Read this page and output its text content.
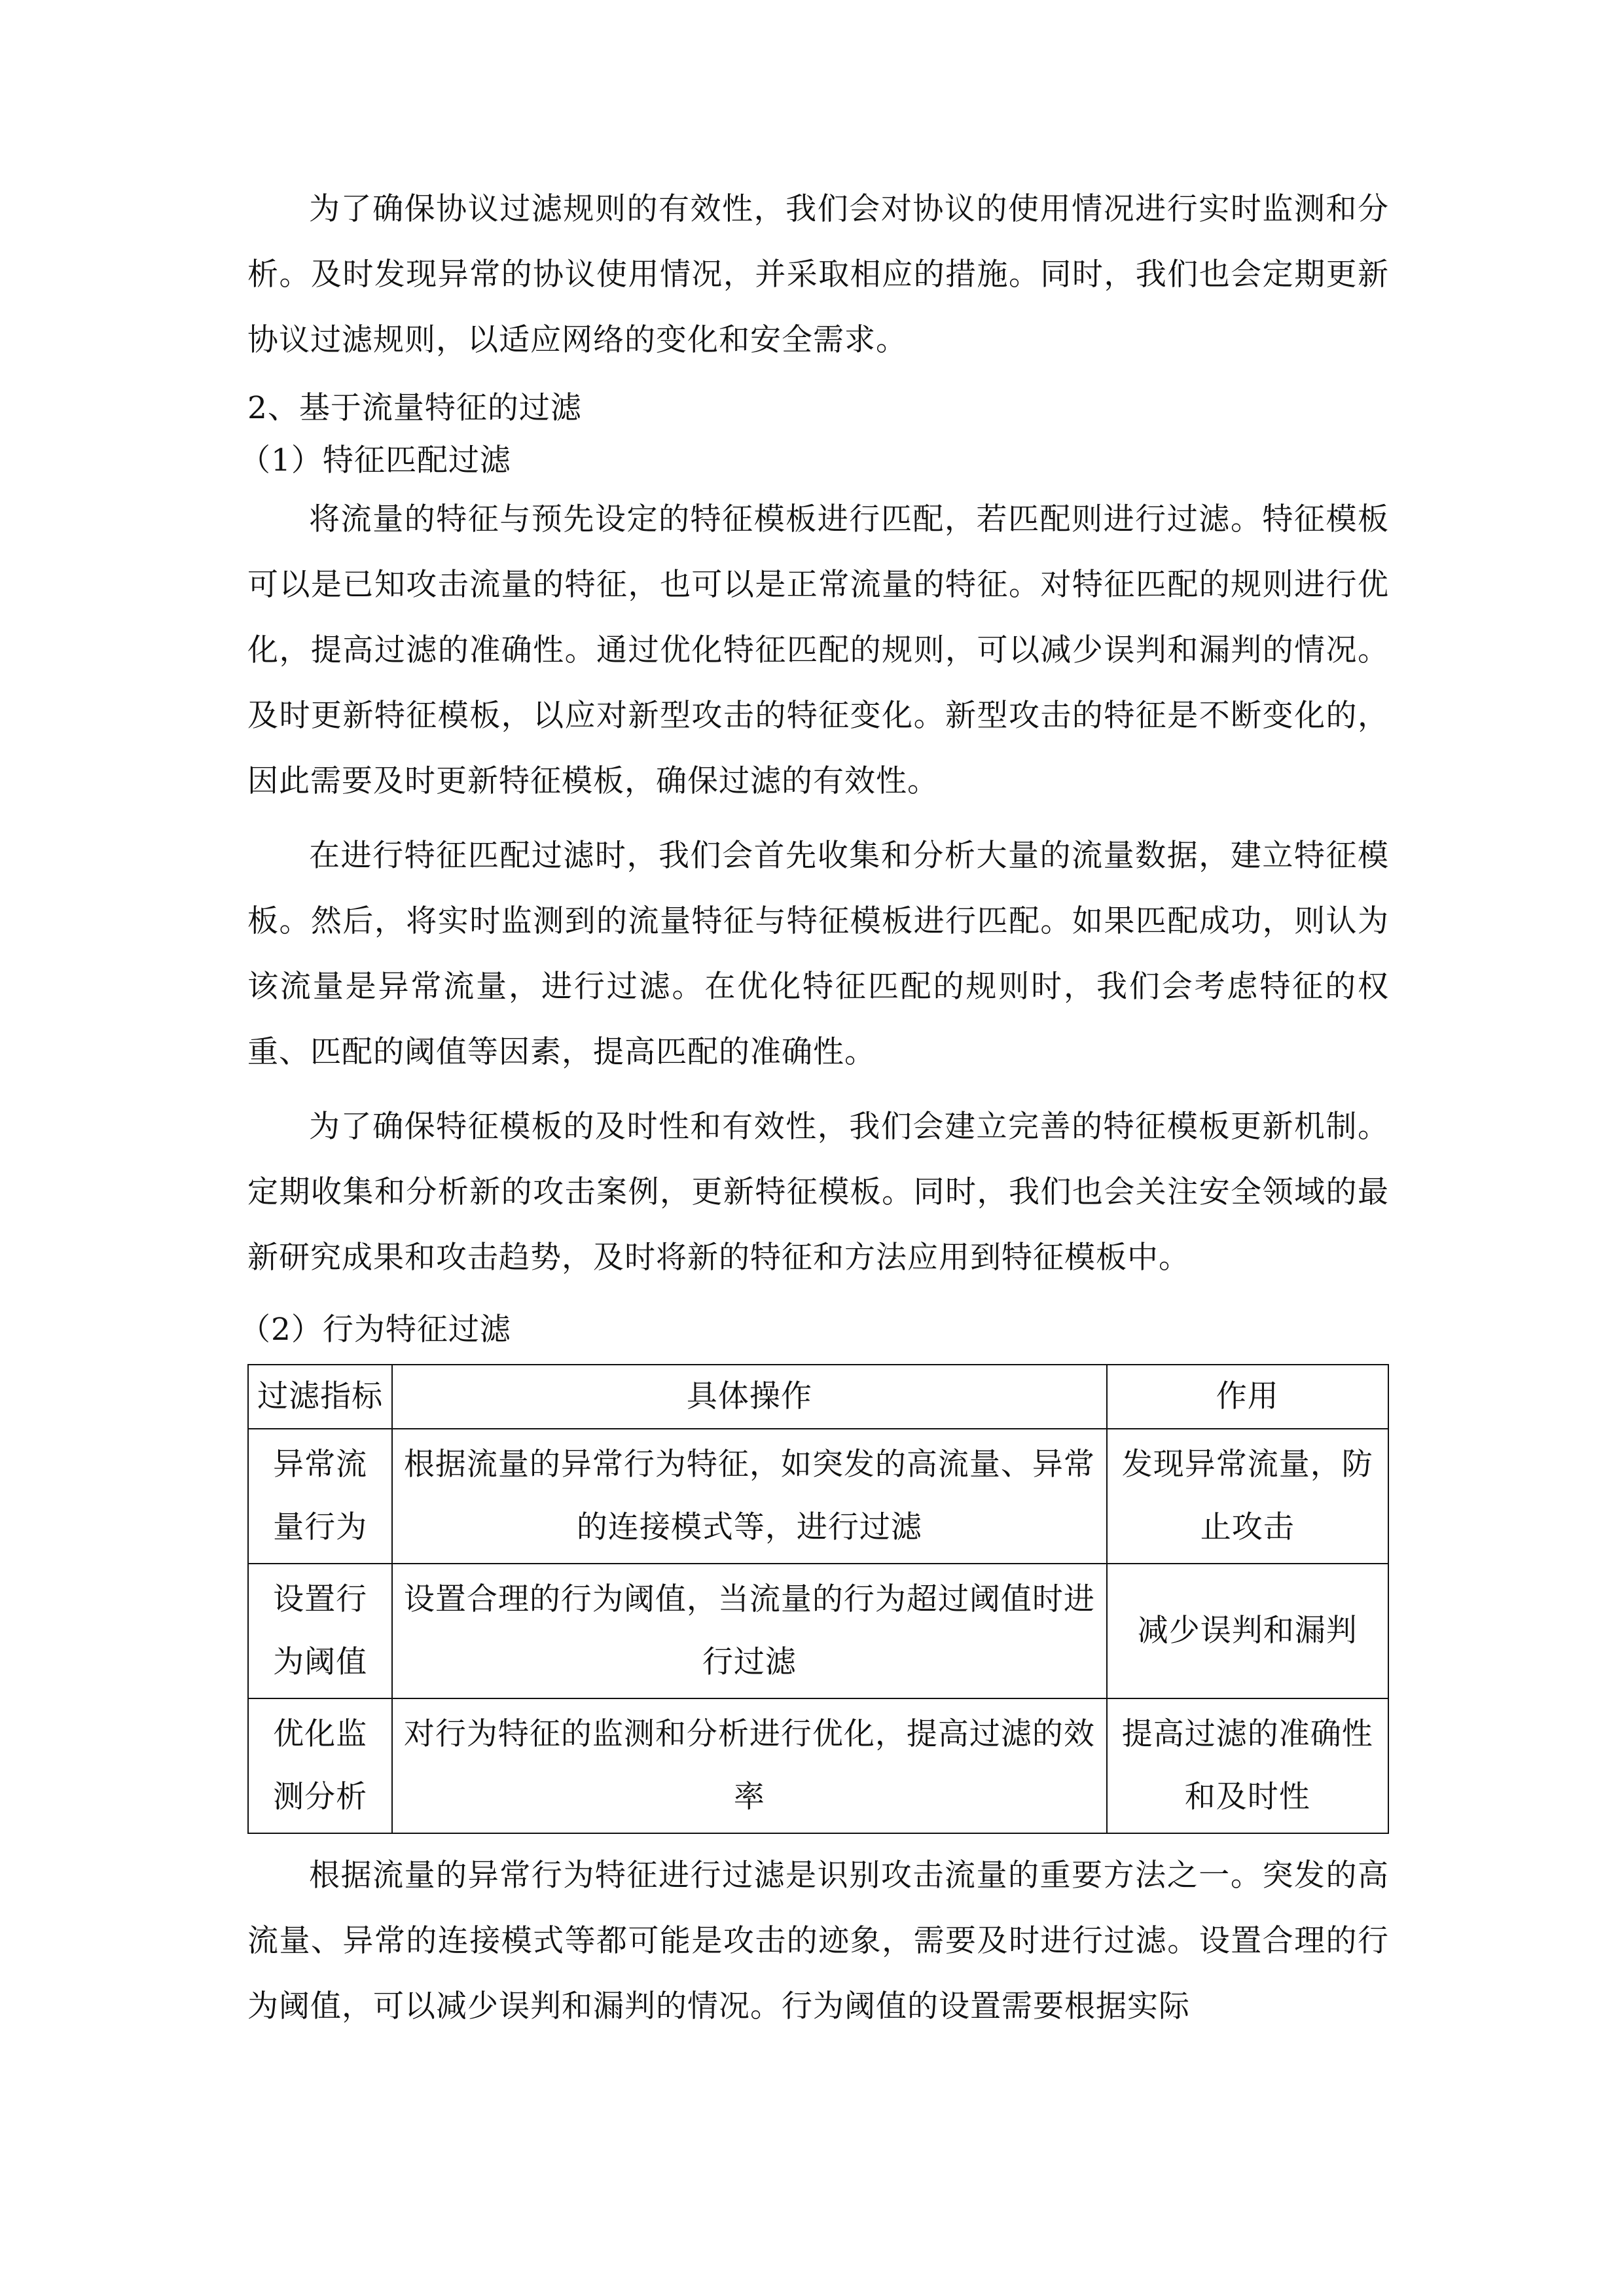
为了确保协议过滤规则的有效性，我们会对协议的使用情况进行实时监测和分析。及时发现异常的协议使用情况，并采取相应的措施。同时，我们也会定期更新协议过滤规则，以适应网络的变化和安全需求。

2、基于流量特征的过滤

（1）特征匹配过滤

将流量的特征与预先设定的特征模板进行匹配，若匹配则进行过滤。特征模板可以是已知攻击流量的特征，也可以是正常流量的特征。对特征匹配的规则进行优化，提高过滤的准确性。通过优化特征匹配的规则，可以减少误判和漏判的情况。及时更新特征模板，以应对新型攻击的特征变化。新型攻击的特征是不断变化的，因此需要及时更新特征模板，确保过滤的有效性。

在进行特征匹配过滤时，我们会首先收集和分析大量的流量数据，建立特征模板。然后，将实时监测到的流量特征与特征模板进行匹配。如果匹配成功，则认为该流量是异常流量，进行过滤。在优化特征匹配的规则时，我们会考虑特征的权重、匹配的阈值等因素，提高匹配的准确性。

为了确保特征模板的及时性和有效性，我们会建立完善的特征模板更新机制。定期收集和分析新的攻击案例，更新特征模板。同时，我们也会关注安全领域的最新研究成果和攻击趋势，及时将新的特征和方法应用到特征模板中。

（2）行为特征过滤

过滤指标	具体操作	作用
异常流量行为	根据流量的异常行为特征，如突发的高流量、异常的连接模式等，进行过滤	发现异常流量，防止攻击
设置行为阈值	设置合理的行为阈值，当流量的行为超过阈值时进行过滤	减少误判和漏判
优化监测分析	对行为特征的监测和分析进行优化，提高过滤的效率	提高过滤的准确性和及时性

根据流量的异常行为特征进行过滤是识别攻击流量的重要方法之一。突发的高流量、异常的连接模式等都可能是攻击的迹象，需要及时进行过滤。设置合理的行为阈值，可以减少误判和漏判的情况。行为阈值的设置需要根据实际
